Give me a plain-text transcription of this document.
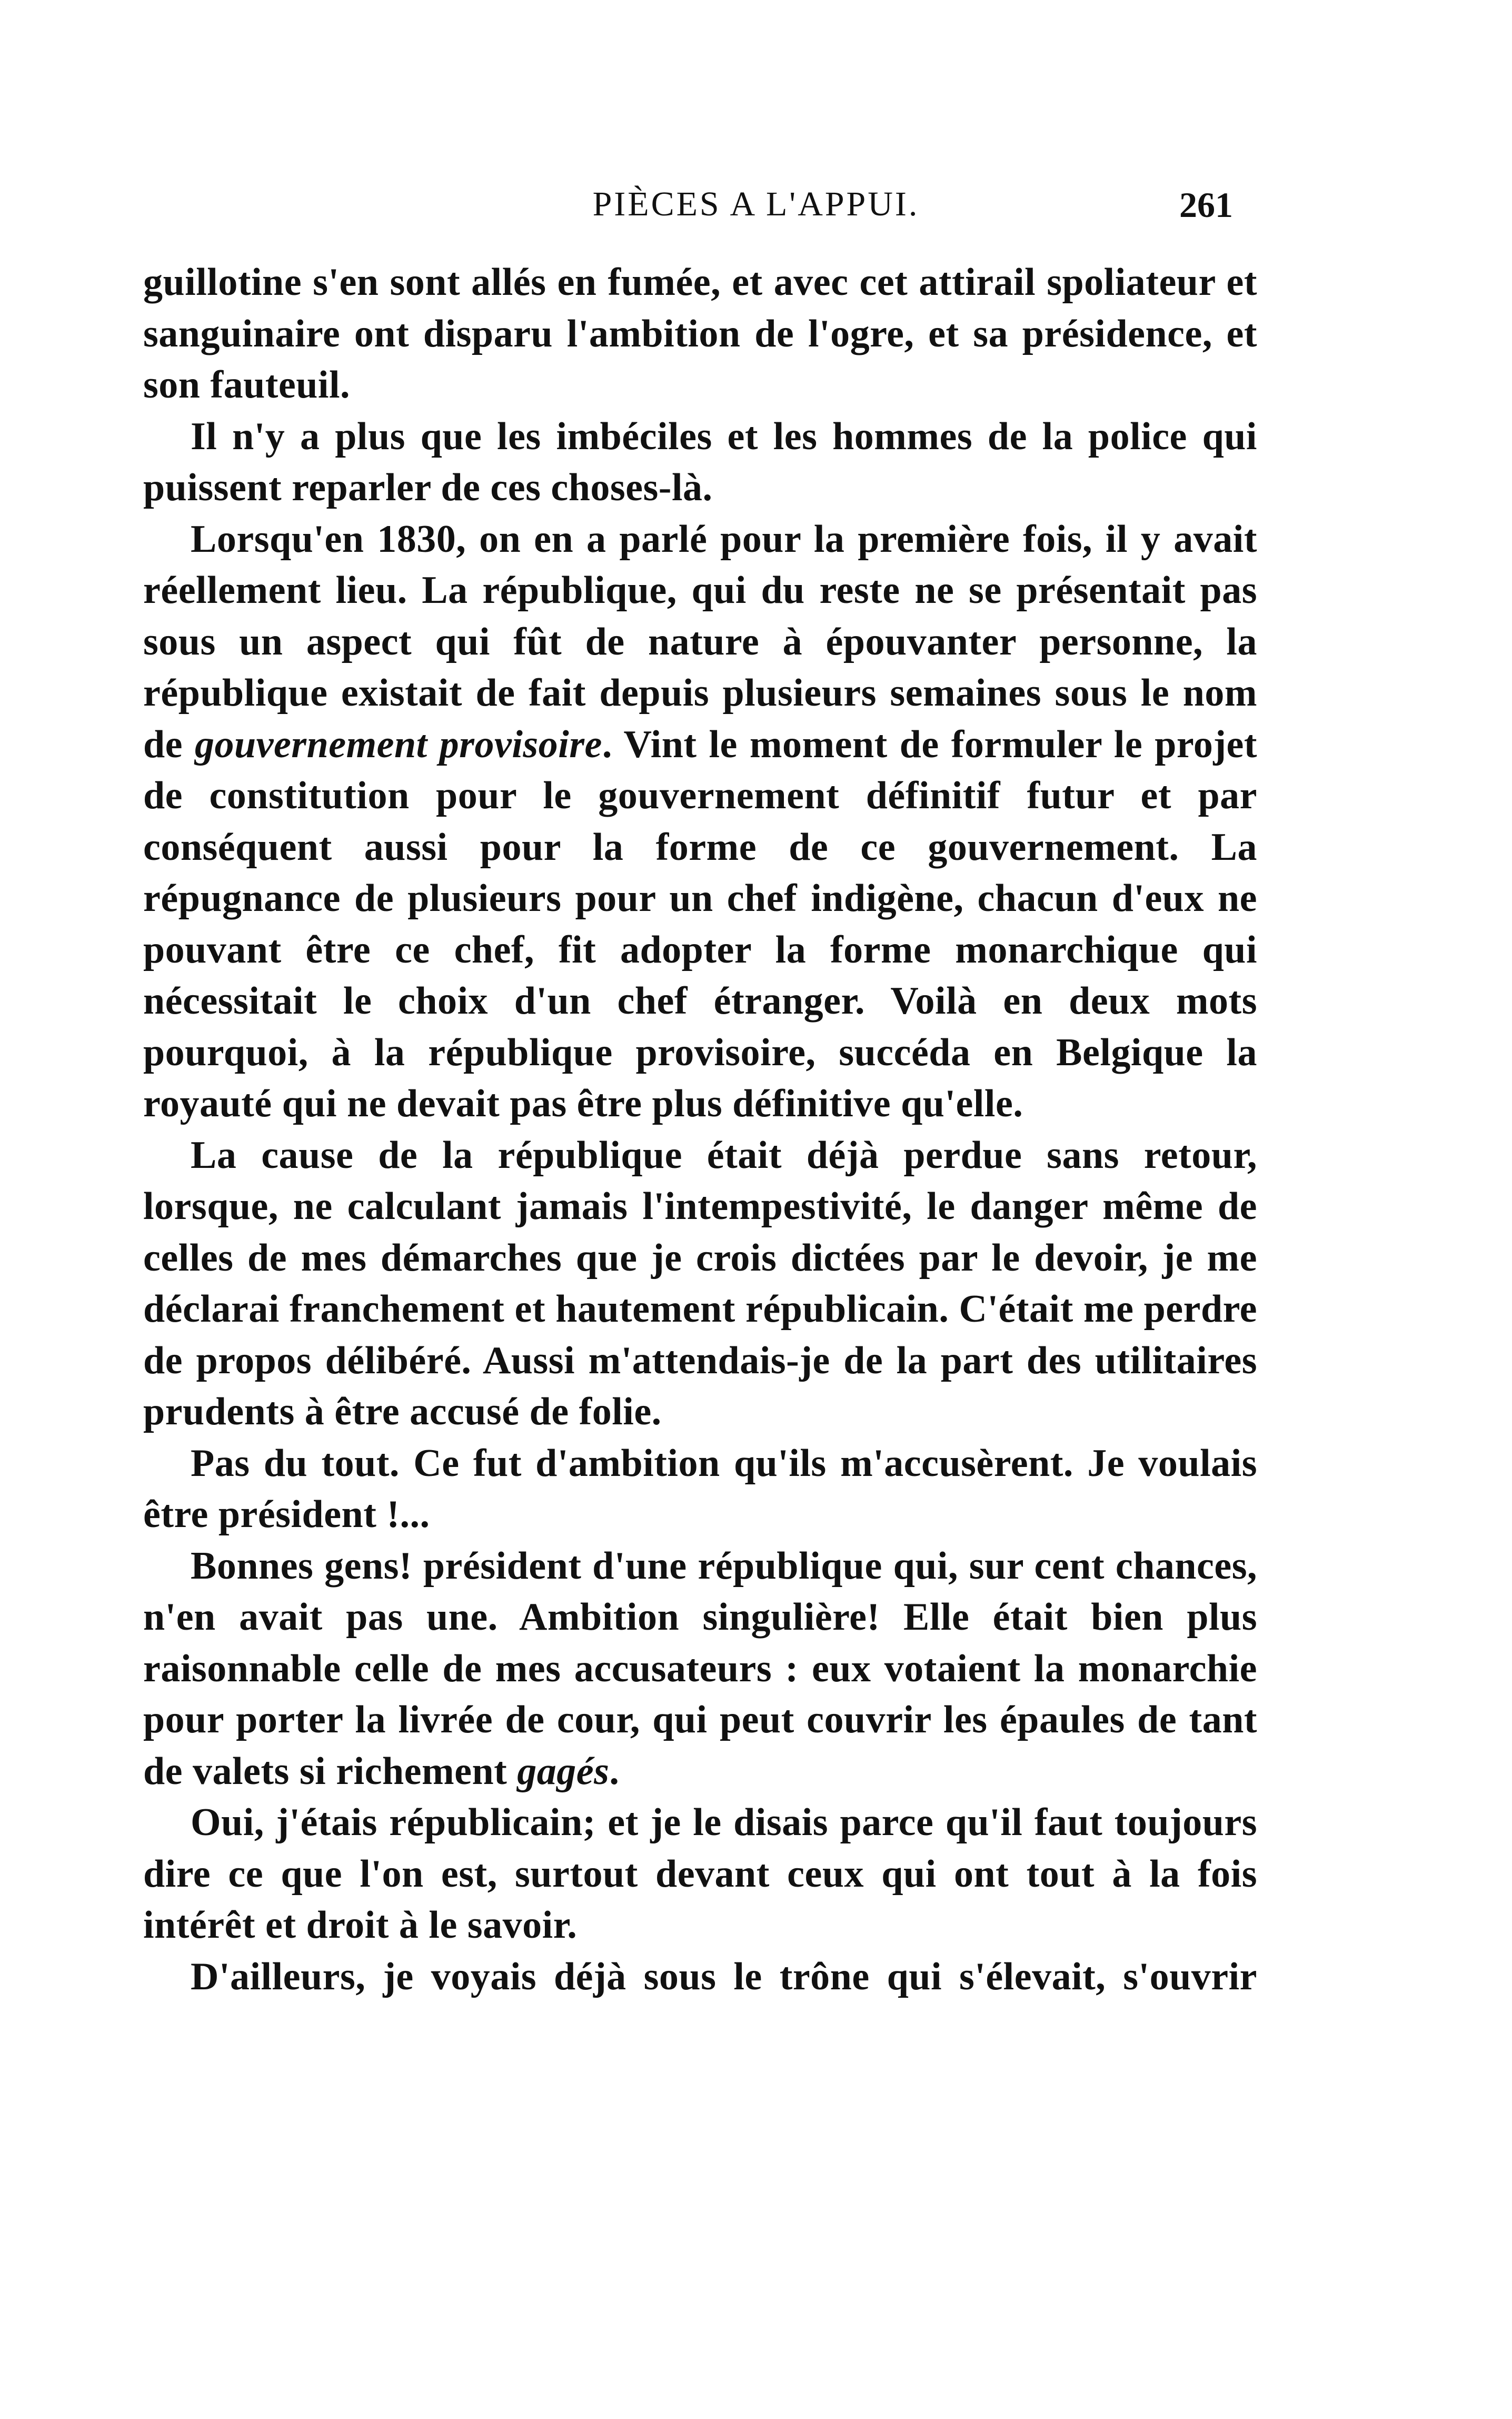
PIÈCES A L'APPUI.	261

guillotine s'en sont allés en fumée, et avec cet attirail spoliateur et sanguinaire ont disparu l'ambition de l'ogre, et sa présidence, et son fauteuil.

Il n'y a plus que les imbéciles et les hommes de la police qui puissent reparler de ces choses-là.

Lorsqu'en 1830, on en a parlé pour la première fois, il y avait réellement lieu. La république, qui du reste ne se présentait pas sous un aspect qui fût de nature à épouvanter personne, la république existait de fait depuis plusieurs semaines sous le nom de gouvernement provisoire. Vint le moment de formuler le projet de constitution pour le gouvernement définitif futur et par conséquent aussi pour la forme de ce gouvernement. La répugnance de plusieurs pour un chef indigène, chacun d'eux ne pouvant être ce chef, fit adopter la forme monarchique qui nécessitait le choix d'un chef étranger. Voilà en deux mots pourquoi, à la république provisoire, succéda en Belgique la royauté qui ne devait pas être plus définitive qu'elle.

La cause de la république était déjà perdue sans retour, lorsque, ne calculant jamais l'intempestivité, le danger même de celles de mes démarches que je crois dictées par le devoir, je me déclarai franchement et hautement républicain. C'était me perdre de propos délibéré. Aussi m'attendais-je de la part des utilitaires prudents à être accusé de folie.

Pas du tout. Ce fut d'ambition qu'ils m'accusèrent. Je voulais être président !...

Bonnes gens! président d'une république qui, sur cent chances, n'en avait pas une. Ambition singulière! Elle était bien plus raisonnable celle de mes accusateurs : eux votaient la monarchie pour porter la livrée de cour, qui peut couvrir les épaules de tant de valets si richement gagés.

Oui, j'étais républicain; et je le disais parce qu'il faut toujours dire ce que l'on est, surtout devant ceux qui ont tout à la fois intérêt et droit à le savoir.

D'ailleurs, je voyais déjà sous le trône qui s'élevait, s'ouvrir
